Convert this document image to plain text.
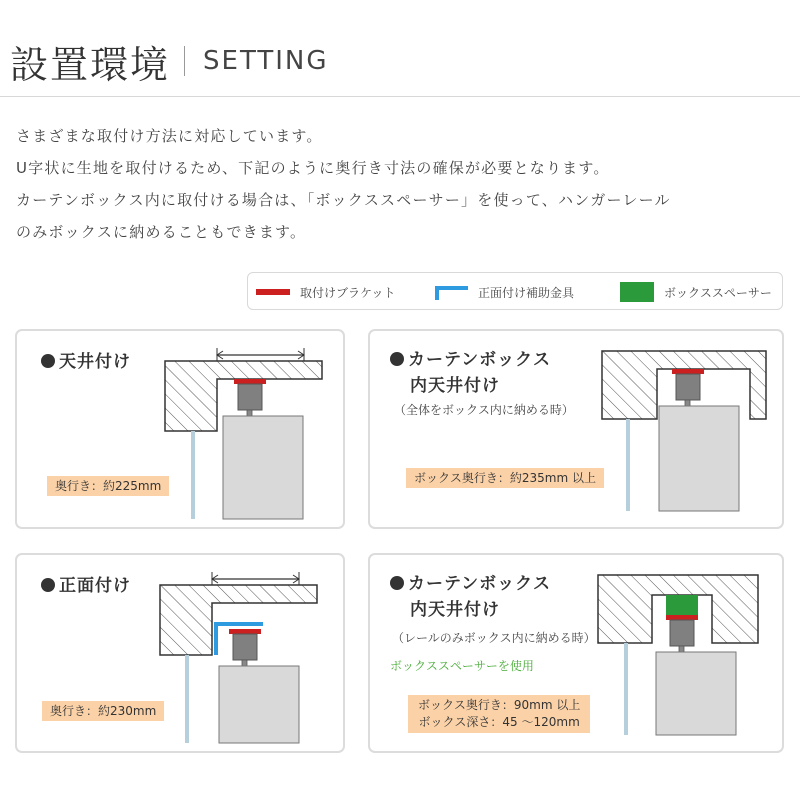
設置環境 SETTING

さまざまな取付け方法に対応しています。

U字状に生地を取付けるため、下記のように奥行き寸法の確保が必要となります。

カーテンボックス内に取付ける場合は、「ボックススペーサー」を使って、ハンガーレール

のみボックスに納めることもできます。

取付けブラケット	正面付け補助金具	ボックススペーサー
天井付け
奥行き：約225mm
カーテンボックス
内天井付け
（全体をボックス内に納める時）
ボックス奥行き：約235mm 以上
正面付け
奥行き：約230mm
カーテンボックス
内天井付け
（レールのみボックス内に納める時）
ボックススペーサーを使用
ボックス奥行き：90mm 以上
ボックス深さ：45 ～120mm
